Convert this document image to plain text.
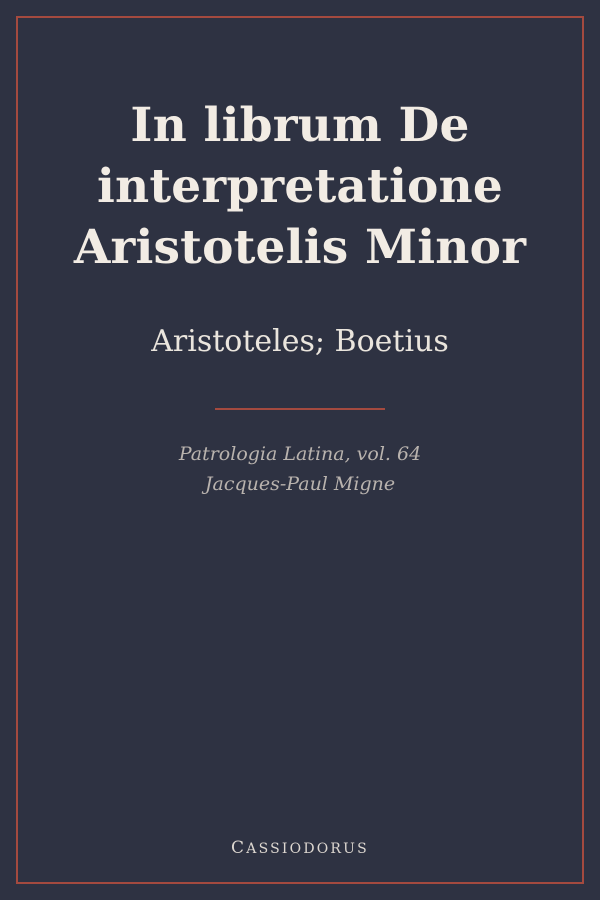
In librum De interpretatione Aristotelis Minor
Aristoteles; Boetius
Patrologia Latina, vol. 64
Jacques-Paul Migne
CASSIODORUS
